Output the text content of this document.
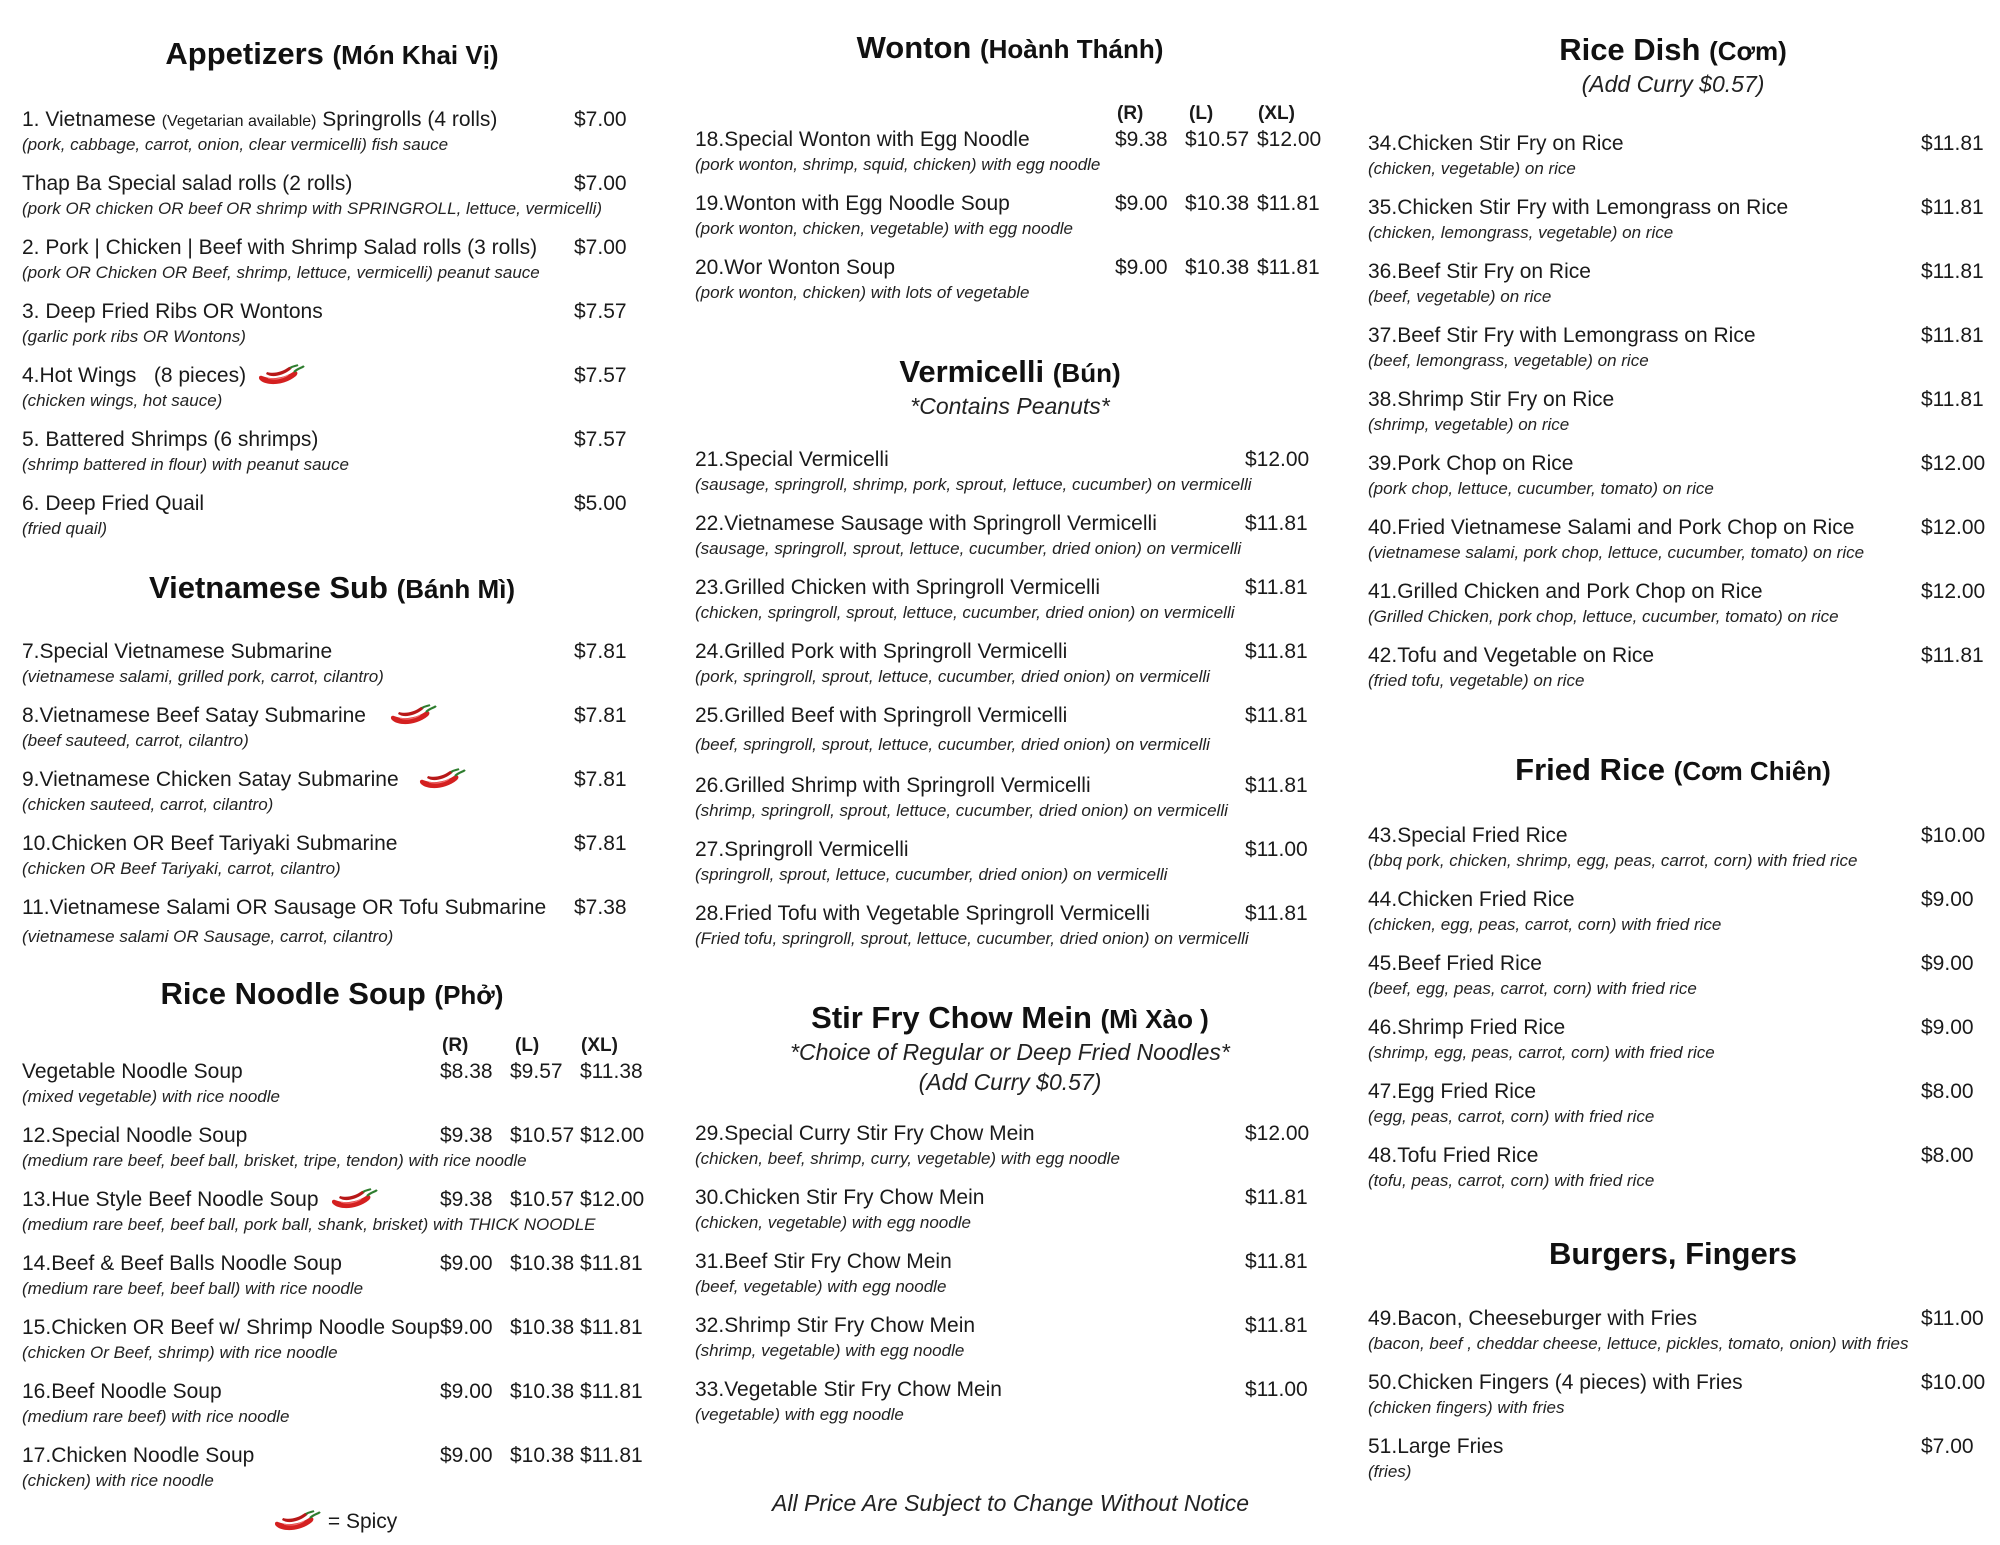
Appetizers (Món Khai Vị)
1. Vietnamese (Vegetarian available) Springrolls (4 rolls)
(pork, cabbage, carrot, onion, clear vermicelli) fish sauce
$7.00
Thap Ba Special salad rolls (2 rolls)
(pork OR chicken OR beef OR shrimp with SPRINGROLL, lettuce, vermicelli)
$7.00
2. Pork | Chicken | Beef with Shrimp Salad rolls (3 rolls)
(pork OR Chicken OR Beef, shrimp, lettuce, vermicelli) peanut sauce
$7.00
3. Deep Fried Ribs OR Wontons
(garlic pork ribs OR Wontons)
$7.57
4.Hot Wings   (8 pieces)
(chicken wings, hot sauce)
$7.57
5. Battered Shrimps (6 shrimps)
(shrimp battered in flour) with peanut sauce
$7.57
6. Deep Fried Quail
(fried quail)
$5.00
Vietnamese Sub (Bánh Mì)
7.Special Vietnamese Submarine
(vietnamese salami, grilled pork, carrot, cilantro)
$7.81
8.Vietnamese Beef Satay Submarine
(beef sauteed, carrot, cilantro)
$7.81
9.Vietnamese Chicken Satay Submarine
(chicken sauteed, carrot, cilantro)
$7.81
10.Chicken OR Beef Tariyaki Submarine
(chicken OR Beef Tariyaki, carrot, cilantro)
$7.81
11.Vietnamese Salami OR Sausage OR Tofu Submarine
(vietnamese salami OR Sausage, carrot, cilantro)
$7.38
Rice Noodle Soup (Phở)
(R) (L) (XL)
Vegetable Noodle Soup
(mixed vegetable) with rice noodle
$8.38 $9.57 $11.38
12.Special Noodle Soup
(medium rare beef, beef ball, brisket, tripe, tendon) with rice noodle
$9.38 $10.57 $12.00
13.Hue Style Beef Noodle Soup
(medium rare beef, beef ball, pork ball, shank, brisket) with THICK NOODLE
$9.38 $10.57 $12.00
14.Beef & Beef Balls Noodle Soup
(medium rare beef, beef ball) with rice noodle
$9.00 $10.38 $11.81
15.Chicken OR Beef w/ Shrimp Noodle Soup
(chicken Or Beef, shrimp) with rice noodle
$9.00 $10.38 $11.81
16.Beef Noodle Soup
(medium rare beef) with rice noodle
$9.00 $10.38 $11.81
17.Chicken Noodle Soup
(chicken) with rice noodle
$9.00 $10.38 $11.81
= Spicy
Wonton (Hoành Thánh)
(R) (L) (XL)
18.Special Wonton with Egg Noodle
(pork wonton, shrimp, squid, chicken) with egg noodle
$9.38 $10.57 $12.00
19.Wonton with Egg Noodle Soup
(pork wonton, chicken, vegetable) with egg noodle
$9.00 $10.38 $11.81
20.Wor Wonton Soup
(pork wonton, chicken) with lots of vegetable
$9.00 $10.38 $11.81
Vermicelli (Bún)
*Contains Peanuts*
21.Special Vermicelli
(sausage, springroll, shrimp, pork, sprout, lettuce, cucumber) on vermicelli
$12.00
22.Vietnamese Sausage with Springroll Vermicelli
(sausage, springroll, sprout, lettuce, cucumber, dried onion) on vermicelli
$11.81
23.Grilled Chicken with Springroll Vermicelli
(chicken, springroll, sprout, lettuce, cucumber, dried onion) on vermicelli
$11.81
24.Grilled Pork with Springroll Vermicelli
(pork, springroll, sprout, lettuce, cucumber, dried onion) on vermicelli
$11.81
25.Grilled Beef with Springroll Vermicelli
(beef, springroll, sprout, lettuce, cucumber, dried onion) on vermicelli
$11.81
26.Grilled Shrimp with Springroll Vermicelli
(shrimp, springroll, sprout, lettuce, cucumber, dried onion) on vermicelli
$11.81
27.Springroll Vermicelli
(springroll, sprout, lettuce, cucumber, dried onion) on vermicelli
$11.00
28.Fried Tofu with Vegetable Springroll Vermicelli
(Fried tofu, springroll, sprout, lettuce, cucumber, dried onion) on vermicelli
$11.81
Stir Fry Chow Mein (Mì Xào )
*Choice of Regular or Deep Fried Noodles*
(Add Curry $0.57)
29.Special Curry Stir Fry Chow Mein
(chicken, beef, shrimp, curry, vegetable) with egg noodle
$12.00
30.Chicken Stir Fry Chow Mein
(chicken, vegetable) with egg noodle
$11.81
31.Beef Stir Fry Chow Mein
(beef, vegetable) with egg noodle
$11.81
32.Shrimp Stir Fry Chow Mein
(shrimp, vegetable) with egg noodle
$11.81
33.Vegetable Stir Fry Chow Mein
(vegetable) with egg noodle
$11.00
All Price Are Subject to Change Without Notice
Rice Dish (Cơm)
(Add Curry $0.57)
34.Chicken Stir Fry on Rice
(chicken, vegetable) on rice
$11.81
35.Chicken Stir Fry with Lemongrass on Rice
(chicken, lemongrass, vegetable) on rice
$11.81
36.Beef Stir Fry on Rice
(beef, vegetable) on rice
$11.81
37.Beef Stir Fry with Lemongrass on Rice
(beef, lemongrass, vegetable) on rice
$11.81
38.Shrimp Stir Fry on Rice
(shrimp, vegetable) on rice
$11.81
39.Pork Chop on Rice
(pork chop, lettuce, cucumber, tomato) on rice
$12.00
40.Fried Vietnamese Salami and Pork Chop on Rice
(vietnamese salami, pork chop, lettuce, cucumber, tomato) on rice
$12.00
41.Grilled Chicken and Pork Chop on Rice
(Grilled Chicken, pork chop, lettuce, cucumber, tomato) on rice
$12.00
42.Tofu and Vegetable on Rice
(fried tofu, vegetable) on rice
$11.81
Fried Rice (Cơm Chiên)
43.Special Fried Rice
(bbq pork, chicken, shrimp, egg, peas, carrot, corn) with fried rice
$10.00
44.Chicken Fried Rice
(chicken, egg, peas, carrot, corn) with fried rice
$9.00
45.Beef Fried Rice
(beef, egg, peas, carrot, corn) with fried rice
$9.00
46.Shrimp Fried Rice
(shrimp, egg, peas, carrot, corn) with fried rice
$9.00
47.Egg Fried Rice
(egg, peas, carrot, corn) with fried rice
$8.00
48.Tofu Fried Rice
(tofu, peas, carrot, corn) with fried rice
$8.00
Burgers, Fingers
49.Bacon, Cheeseburger with Fries
(bacon, beef , cheddar cheese, lettuce, pickles, tomato, onion) with fries
$11.00
50.Chicken Fingers (4 pieces) with Fries
(chicken fingers) with fries
$10.00
51.Large Fries
(fries)
$7.00
